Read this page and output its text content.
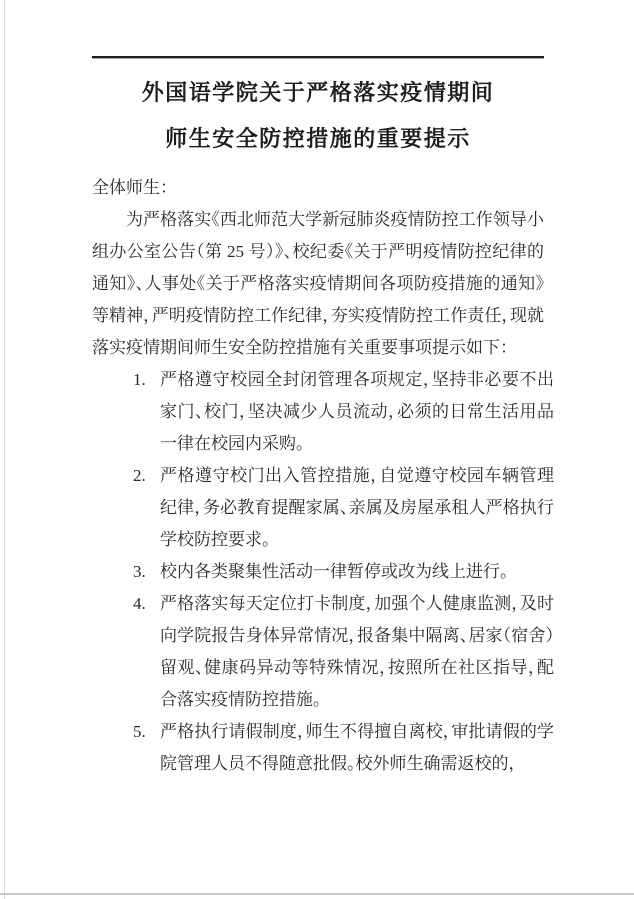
外国语学院关于严格落实疫情期间
师生安全防控措施的重要提示
全体师生：

为严格落实《西北师范大学新冠肺炎疫情防控工作领导小组办公室公告（第 25 号）》、校纪委《关于严明疫情防控纪律的通知》、人事处《关于严格落实疫情期间各项防疫措施的通知》等精神，严明疫情防控工作纪律，夯实疫情防控工作责任，现就落实疫情期间师生安全防控措施有关重要事项提示如下：

1. 严格遵守校园全封闭管理各项规定，坚持非必要不出家门、校门，坚决减少人员流动，必须的日常生活用品一律在校园内采购。
2. 严格遵守校门出入管控措施，自觉遵守校园车辆管理纪律，务必教育提醒家属、亲属及房屋承租人严格执行学校防控要求。
3. 校内各类聚集性活动一律暂停或改为线上进行。
4. 严格落实每天定位打卡制度，加强个人健康监测，及时向学院报告身体异常情况，报备集中隔离、居家（宿舍）留观、健康码异动等特殊情况，按照所在社区指导，配合落实疫情防控措施。
5. 严格执行请假制度，师生不得擅自离校，审批请假的学院管理人员不得随意批假。校外师生确需返校的，
